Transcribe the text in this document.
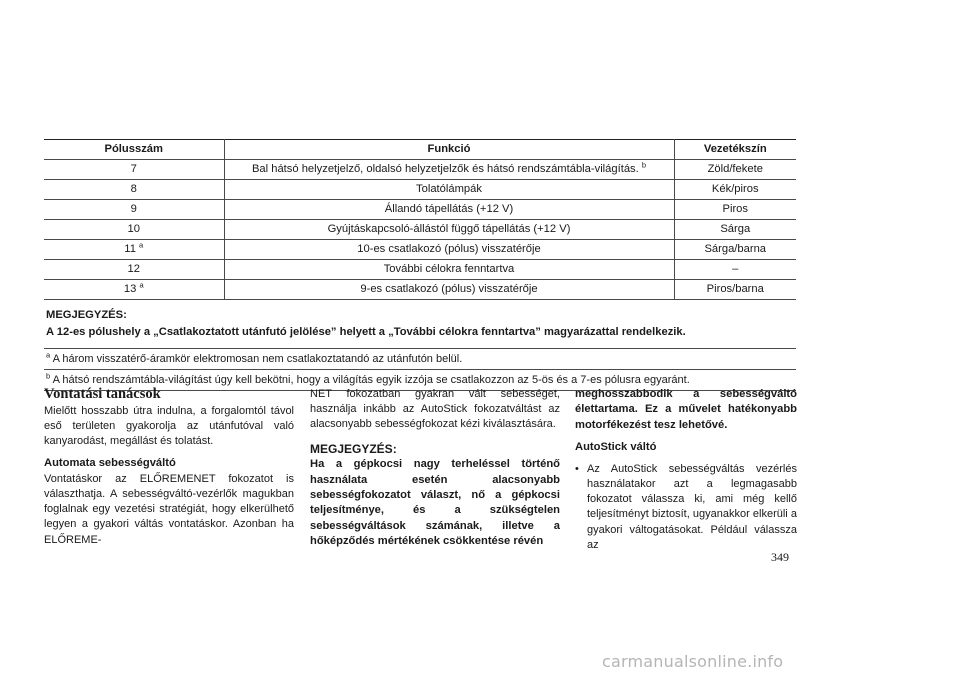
Pólusszám	Funkció	Vezetékszín
7	Bal hátsó helyzetjelző, oldalsó helyzetjelzők és hátsó rendszámtábla-világítás. $^b$	Zöld/fekete
8	Tolatólámpák	Kék/piros
9	Állandó tápellátás (+12 V)	Piros
10	Gyújtáskapcsoló-állástól függő tápellátás (+12 V)	Sárga
11 $^a$	10-es csatlakozó (pólus) visszatérője	Sárga/barna
12	További célokra fenntartva	–
13 $^a$	9-es csatlakozó (pólus) visszatérője	Piros/barna
MEGJEGYZÉS:
A 12-es pólushely a „Csatlakoztatott utánfutó jelölése” helyett a „További célokra fenntartva” magyarázattal rendelkezik.
$^a$ A három visszatérő-áramkör elektromosan nem csatlakoztatandó az utánfutón belül.
$^b$ A hátsó rendszámtábla-világítást úgy kell bekötni, hogy a világítás egyik izzója se csatlakozzon az 5-ös és a 7-es pólusra egyaránt.
Vontatási tanácsok

Mielőtt hosszabb útra indulna, a forgalomtól távol eső területen gyakorolja az utánfutóval való kanyarodást, megállást és tolatást.

Automata sebességváltó

Vontatáskor az ELŐREMENET fokozatot is választhatja. A sebességváltó-vezérlők magukban foglalnak egy vezetési stratégiát, hogy elkerülhető legyen a gyakori váltás vontatáskor. Azonban ha ELŐREME-

NET fokozatban gyakran vált sebességet, használja inkább az AutoStick fokozatváltást az alacsonyabb sebességfokozat kézi kiválasztására.

MEGJEGYZÉS:

Ha a gépkocsi nagy terheléssel történő használata esetén alacsonyabb sebességfokozatot választ, nő a gépkocsi teljesítménye, és a szükségtelen sebességváltások számának, illetve a hőképződés mértékének csökkentése révén

meghosszabbodik a sebességváltó élettartama. Ez a művelet hatékonyabb motorfékezést tesz lehetővé.

AutoStick váltó
• Az AutoStick sebességváltás vezérlés használatakor azt a legmagasabb fokozatot válassza ki, ami még kellő teljesítményt biztosít, ugyanakkor elkerüli a gyakori váltogatásokat. Például válassza az
349
carmanualsonline.info
